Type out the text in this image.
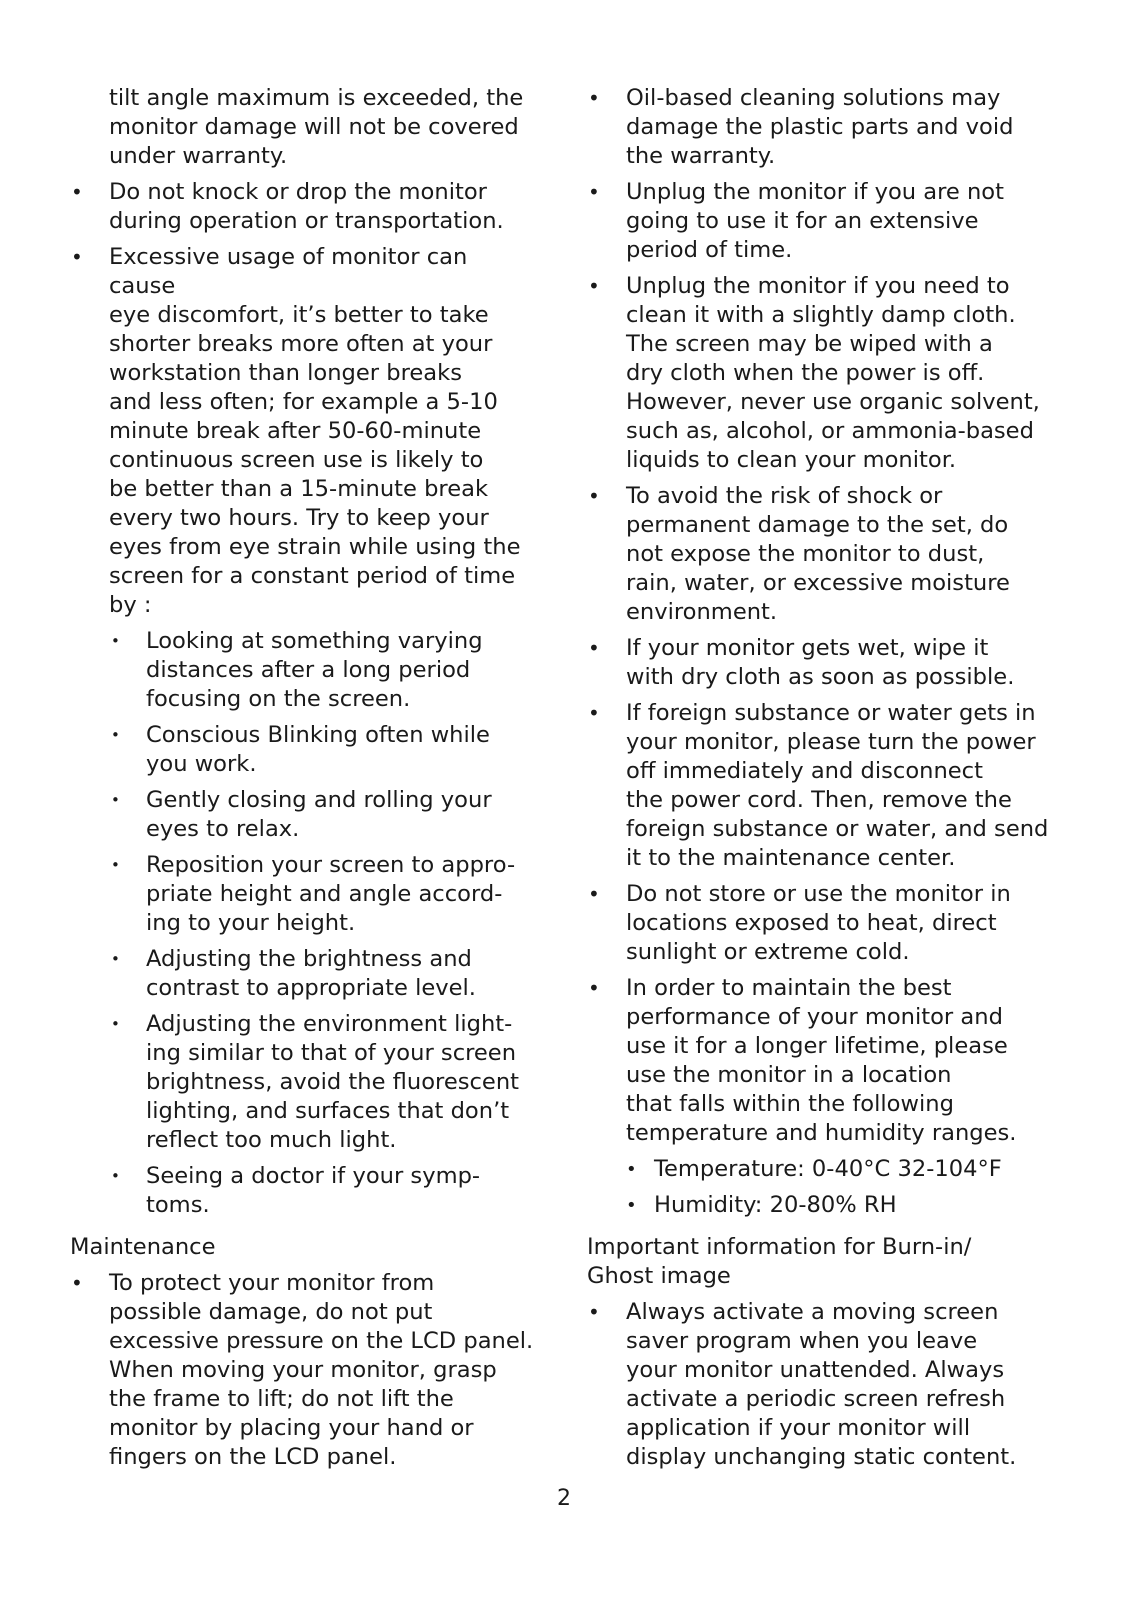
tilt angle maximum is exceeded, the
monitor damage will not be covered
under warranty.

• Do not knock or drop the monitor
during operation or transportation.
• Excessive usage of monitor can cause
eye discomfort, it’s better to take
shorter breaks more often at your
workstation than longer breaks
and less often; for example a 5-10
minute break after 50-60-minute
continuous screen use is likely to
be better than a 15-minute break
every two hours. Try to keep your
eyes from eye strain while using the
screen for a constant period of time
by :
• Looking at something varying
distances after a long period
focusing on the screen.
• Conscious Blinking often while
you work.
• Gently closing and rolling your
eyes to relax.
• Reposition your screen to appro-
priate height and angle accord-
ing to your height.
• Adjusting the brightness and
contrast to appropriate level.
• Adjusting the environment light-
ing similar to that of your screen
brightness, avoid the fluorescent
lighting, and surfaces that don’t
reflect too much light.
• Seeing a doctor if your symp-
toms.

Maintenance

• To protect your monitor from
possible damage, do not put
excessive pressure on the LCD panel.
When moving your monitor, grasp
the frame to lift; do not lift the
monitor by placing your hand or
fingers on the LCD panel.
• Oil-based cleaning solutions may
damage the plastic parts and void
the warranty.
• Unplug the monitor if you are not
going to use it for an extensive
period of time.
• Unplug the monitor if you need to
clean it with a slightly damp cloth.
The screen may be wiped with a
dry cloth when the power is off.
However, never use organic solvent,
such as, alcohol, or ammonia-based
liquids to clean your monitor.
• To avoid the risk of shock or
permanent damage to the set, do
not expose the monitor to dust,
rain, water, or excessive moisture
environment.
• If your monitor gets wet, wipe it
with dry cloth as soon as possible.
• If foreign substance or water gets in
your monitor, please turn the power
off immediately and disconnect
the power cord. Then, remove the
foreign substance or water, and send
it to the maintenance center.
• Do not store or use the monitor in
locations exposed to heat, direct
sunlight or extreme cold.
• In order to maintain the best
performance of your monitor and
use it for a longer lifetime, please
use the monitor in a location
that falls within the following
temperature and humidity ranges.
• Temperature: 0-40°C 32-104°F
• Humidity: 20-80% RH

Important information for Burn-in/
Ghost image

• Always activate a moving screen
saver program when you leave
your monitor unattended. Always
activate a periodic screen refresh
application if your monitor will
display unchanging static content.
2
